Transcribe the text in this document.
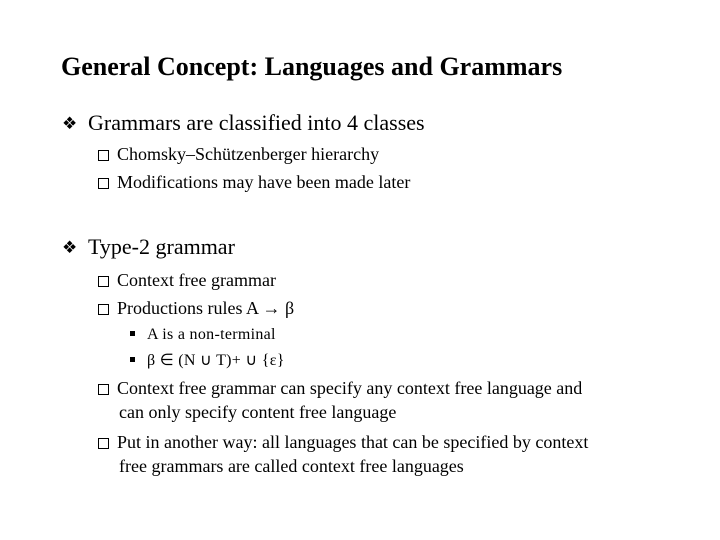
General Concept: Languages and Grammars
❖ Grammars are classified into 4 classes
Chomsky–Schützenberger hierarchy
Modifications may have been made later
❖ Type-2 grammar
Context free grammar
Productions rules A → β
A is a non-terminal
β ∈ (N ∪ T)+ ∪ {ε}
Context free grammar can specify any context free language and
can only specify content free language
Put in another way: all languages that can be specified by context
free grammars are called context free languages
